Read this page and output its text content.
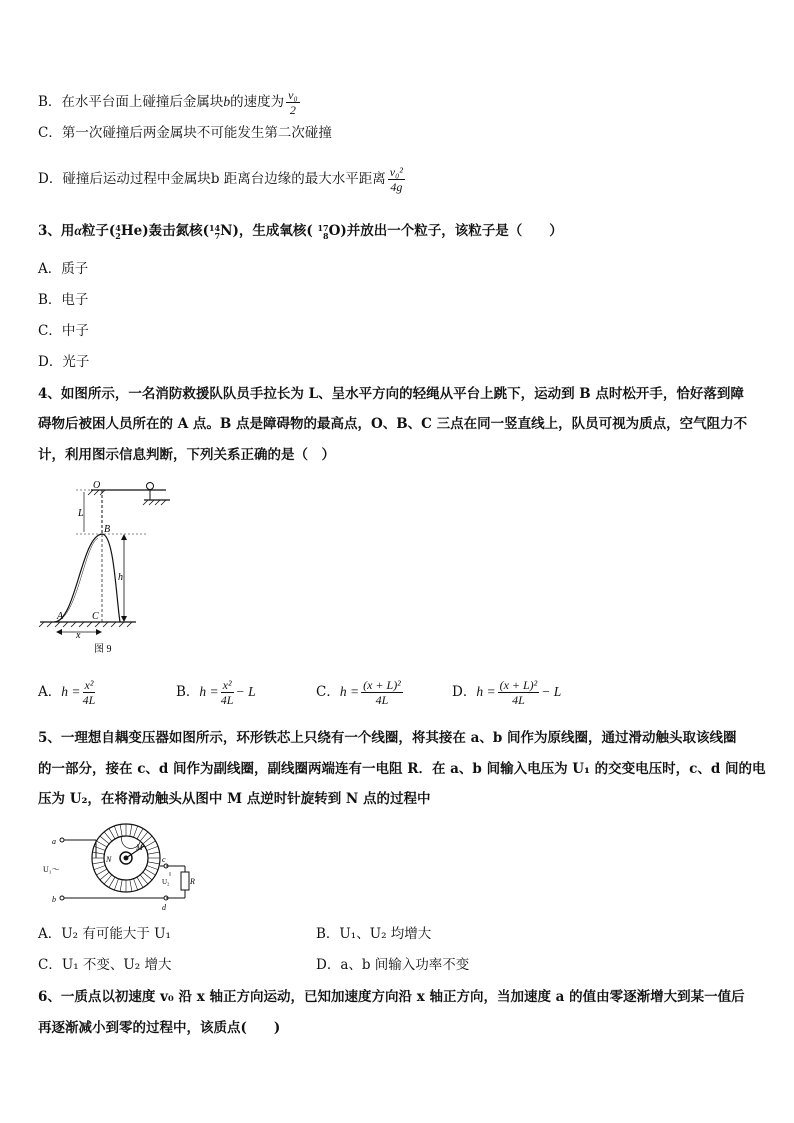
B．在水平台面上碰撞后金属块b的速度为 $\frac{\text{v₀}}{2}$
C．第一次碰撞后两金属块不可能发生第二次碰撞
D．碰撞后运动过程中金属块b 距离台边缘的最大水平距离 $\frac{\text{v₀²}}{4g}$
3、用α粒子( 4
2 He)轰击氮核( 14
7 N)，生成氧核( 17
8 O)并放出一个粒子，该粒子是（　　）
A．质子
B．电子
C．中子
D．光子
4、如图所示，一名消防救援队队员手拉长为 L、呈水平方向的轻绳从平台上跳下，运动到 B 点时松开手，恰好落到障
碍物后被困人员所在的 A 点。B 点是障碍物的最高点，O、B、C 三点在同一竖直线上，队员可视为质点，空气阻力不
计，利用图示信息判断，下列关系正确的是（　）
O
L
B
h
A	C
x
图 9
A．$h = \frac{\text{x²}}{4L}$	B．$h = \frac{\text{x²}}{4L} - L$	C．$h = \frac{\text{(x + L)²}}{4L}$	D．$h = \frac{\text{(x + L)²}}{4L} - L$
5、一理想自耦变压器如图所示，环形铁芯上只绕有一个线圈，将其接在 a、b 间作为原线圈，通过滑动触头取该线圈
的一部分，接在 c、d 间作为副线圈，副线圈两端连有一电阻 R．在 a、b 间输入电压为 U₁ 的交变电压时，c、d 间的电
压为 U₂，在将滑动触头从图中 M 点逆时针旋转到 N 点的过程中
a
b
U₁～
c
d
U₂	R
M
N
A．U₂ 有可能大于 U₁	B．U₁、U₂ 均增大
C．U₁ 不变、U₂ 增大	D．a、b 间输入功率不变
6、一质点以初速度 v₀ 沿 x 轴正方向运动，已知加速度方向沿 x 轴正方向，当加速度 a 的值由零逐渐增大到某一值后
再逐渐减小到零的过程中，该质点(　　)
